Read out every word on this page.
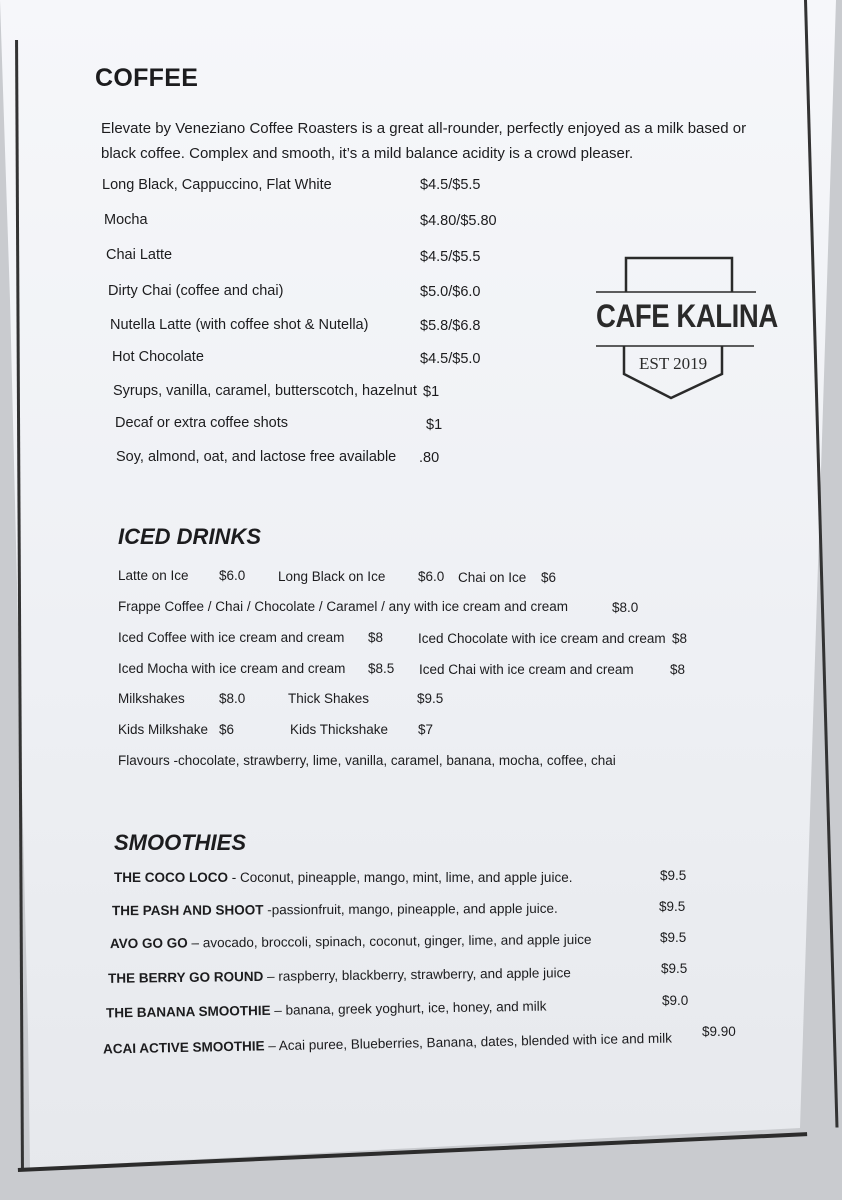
COFFEE
Elevate by Veneziano Coffee Roasters is a great all-rounder, perfectly enjoyed as a milk based or black coffee. Complex and smooth, it’s a mild balance acidity is a crowd pleaser.
Long Black, Cappuccino, Flat White	$4.5/$5.5
Mocha	$4.80/$5.80
Chai Latte	$4.5/$5.5
Dirty Chai (coffee and chai)	$5.0/$6.0
Nutella Latte (with coffee shot & Nutella)	$5.8/$6.8
Hot Chocolate	$4.5/$5.0
Syrups, vanilla, caramel, butterscotch, hazelnut $1
Decaf or extra coffee shots	$1
Soy, almond, oat, and lactose free available .80
CAFE KALINA
EST 2019
ICED DRINKS
Latte on Ice $6.0 Long Black on Ice $6.0 Chai on Ice $6
Frappe Coffee / Chai / Chocolate / Caramel / any with ice cream and cream	$8.0
Iced Coffee with ice cream and cream $8	Iced Chocolate with ice cream and cream $8
Iced Mocha with ice cream and cream $8.5 Iced Chai with ice cream and cream	$8
Milkshakes	$8.0	Thick Shakes	$9.5
Kids Milkshake $6	Kids Thickshake $7
Flavours -chocolate, strawberry, lime, vanilla, caramel, banana, mocha, coffee, chai
SMOOTHIES
THE COCO LOCO - Coconut, pineapple, mango, mint, lime, and apple juice.	$9.5
THE PASH AND SHOOT -passionfruit, mango, pineapple, and apple juice.	$9.5
AVO GO GO – avocado, broccoli, spinach, coconut, ginger, lime, and apple juice	$9.5
THE BERRY GO ROUND – raspberry, blackberry, strawberry, and apple juice	$9.5
THE BANANA SMOOTHIE – banana, greek yoghurt, ice, honey, and milk	$9.0
ACAI ACTIVE SMOOTHIE – Acai puree, Blueberries, Banana, dates, blended with ice and milk $9.90
